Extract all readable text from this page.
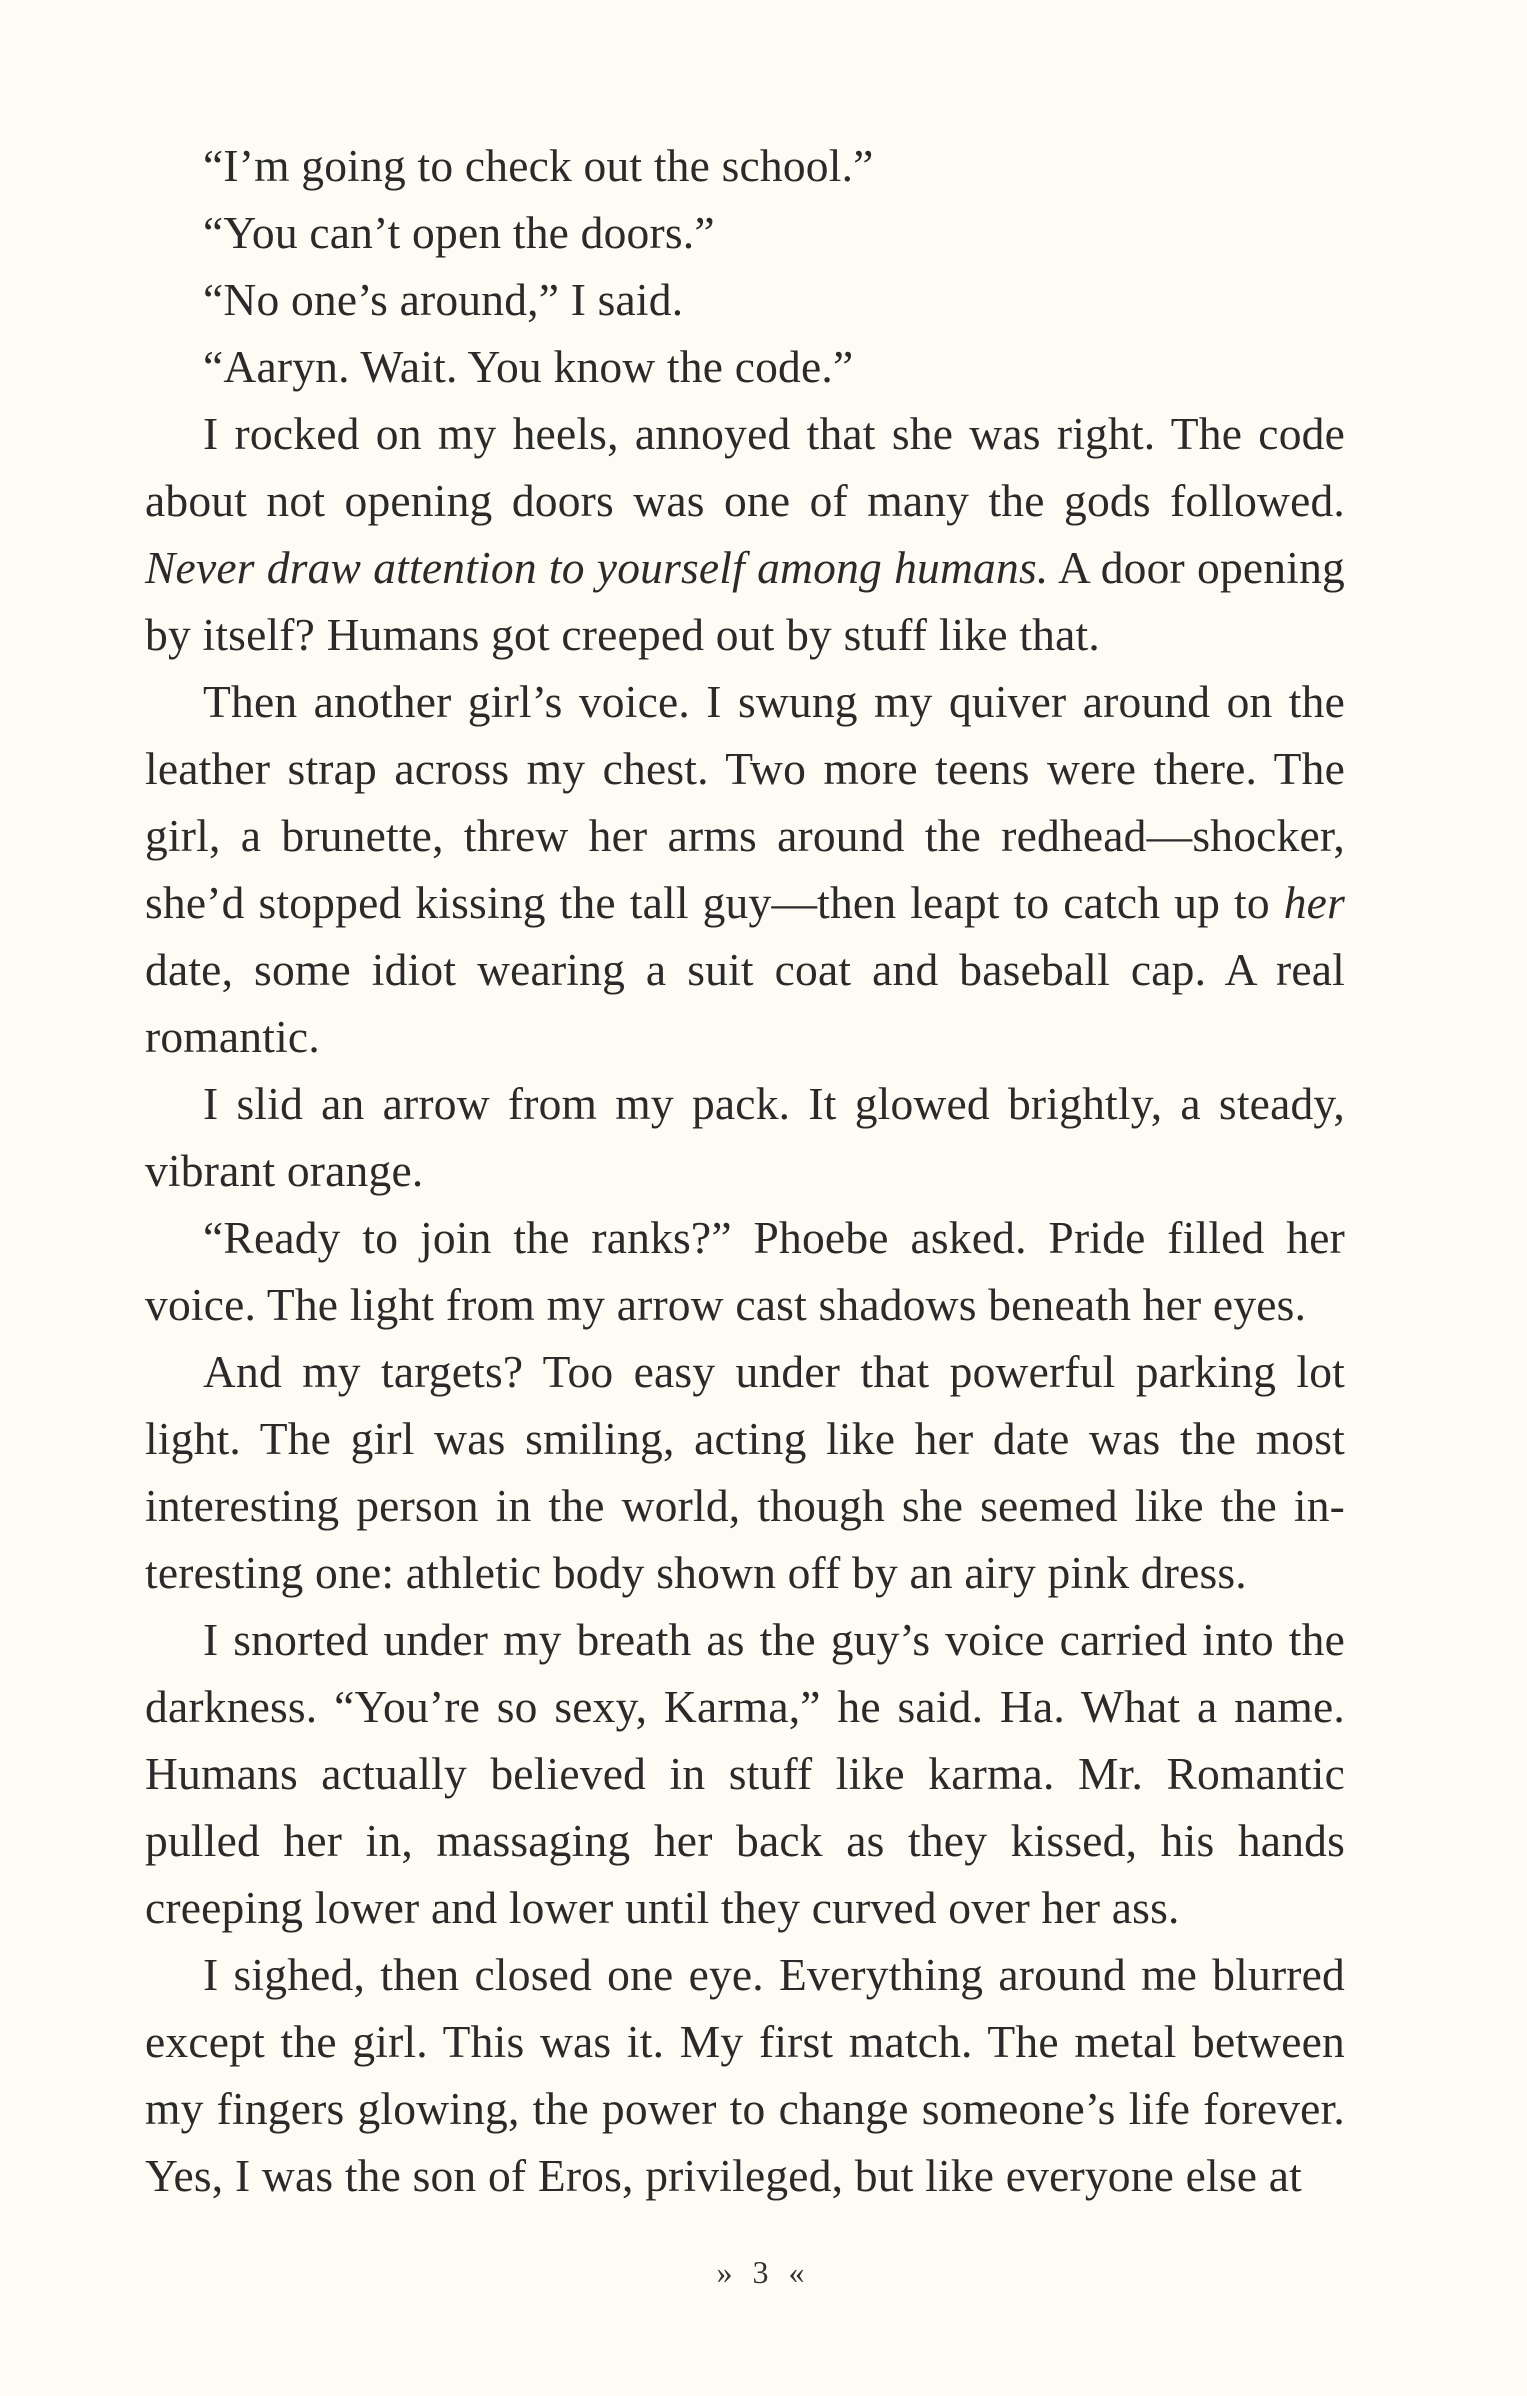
“I’m going to check out the school.”

“You can’t open the doors.”

“No one’s around,” I said.

“Aaryn. Wait. You know the code.”

I rocked on my heels, annoyed that she was right. The code about not opening doors was one of many the gods followed. Never draw attention to yourself among humans. A door opening by itself? Humans got creeped out by stuff like that.

Then another girl’s voice. I swung my quiver around on the leather strap across my chest. Two more teens were there. The girl, a brunette, threw her arms around the redhead—shocker, she’d stopped kissing the tall guy—then leapt to catch up to her date, some idiot wearing a suit coat and baseball cap. A real romantic.

I slid an arrow from my pack. It glowed brightly, a steady, vibrant orange.

“Ready to join the ranks?” Phoebe asked. Pride filled her voice. The light from my arrow cast shadows beneath her eyes.

And my targets? Too easy under that powerful parking lot light. The girl was smiling, acting like her date was the most interesting person in the world, though she seemed like the in-teresting one: athletic body shown off by an airy pink dress.

I snorted under my breath as the guy’s voice carried into the darkness. “You’re so sexy, Karma,” he said. Ha. What a name. Humans actually believed in stuff like karma. Mr. Romantic pulled her in, massaging her back as they kissed, his hands creeping lower and lower until they curved over her ass.

I sighed, then closed one eye. Everything around me blurred except the girl. This was it. My first match. The metal between my fingers glowing, the power to change someone’s life forever. Yes, I was the son of Eros, privileged, but like everyone else at

» 3 «
